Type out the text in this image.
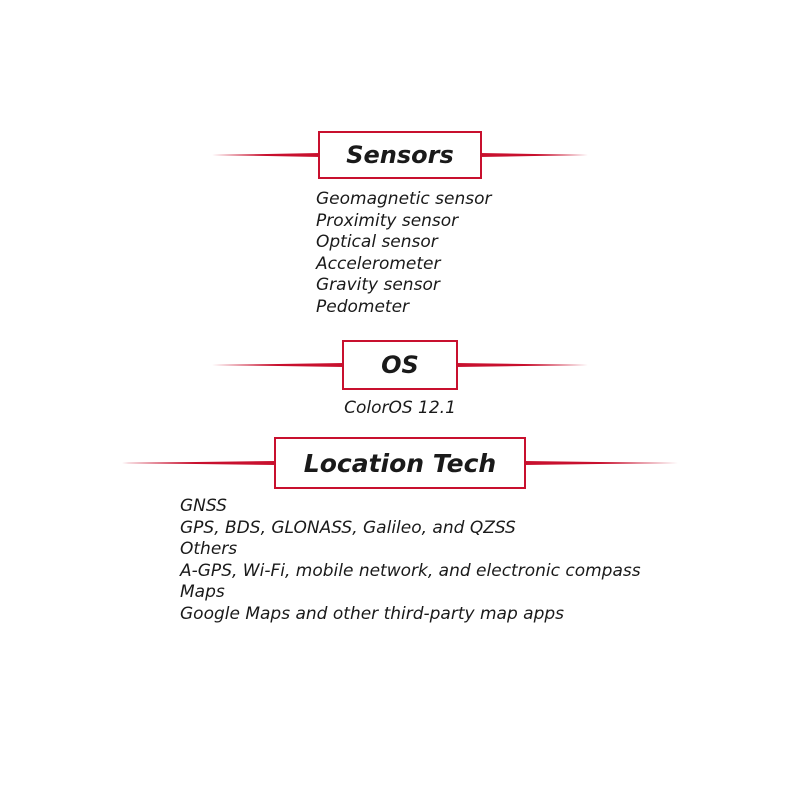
Sensors
Geomagnetic sensor
Proximity sensor
Optical sensor
Accelerometer
Gravity sensor
Pedometer
OS
ColorOS 12.1
Location Tech
GNSS
GPS, BDS, GLONASS, Galileo, and QZSS
Others
A-GPS, Wi-Fi, mobile network, and electronic compass
Maps
Google Maps and other third-party map apps
